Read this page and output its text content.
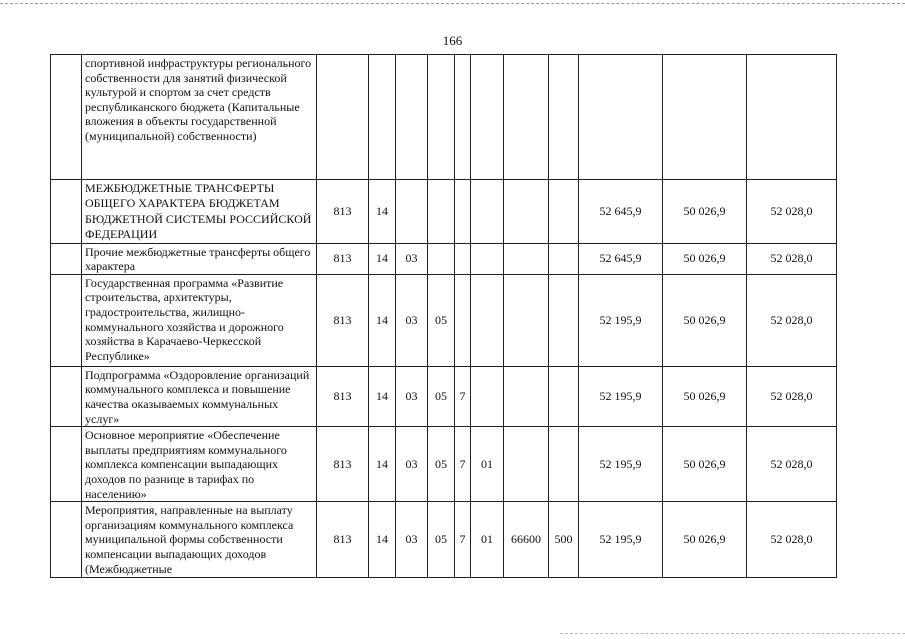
166
	спортивной инфраструктуры регионального собственности для занятий физической культурой и спортом за счет средств республиканского бюджета (Капитальные вложения в объекты государственной (муниципальной) собственности)											
	МЕЖБЮДЖЕТНЫЕ ТРАНСФЕРТЫ ОБЩЕГО ХАРАКТЕРА БЮДЖЕТАМ БЮДЖЕТНОЙ СИСТЕМЫ РОССИЙСКОЙ ФЕДЕРАЦИИ	813	14							52 645,9	50 026,9	52 028,0
	Прочие межбюджетные трансферты общего характера	813	14	03						52 645,9	50 026,9	52 028,0
	Государственная программа «Развитие строительства, архитектуры, градостроительства, жилищно-коммунального хозяйства и дорожного хозяйства в Карачаево-Черкесской Республике»	813	14	03	05					52 195,9	50 026,9	52 028,0
	Подпрограмма «Оздоровление организаций коммунального комплекса и повышение качества оказываемых коммунальных услуг»	813	14	03	05	7				52 195,9	50 026,9	52 028,0
	Основное мероприятие «Обеспечение выплаты предприятиям коммунального комплекса компенсации выпадающих доходов по разнице в тарифах по населению»	813	14	03	05	7	01			52 195,9	50 026,9	52 028,0
	Мероприятия, направленные на выплату организациям коммунального комплекса муниципальной формы собственности компенсации выпадающих доходов (Межбюджетные	813	14	03	05	7	01	66600	500	52 195,9	50 026,9	52 028,0
